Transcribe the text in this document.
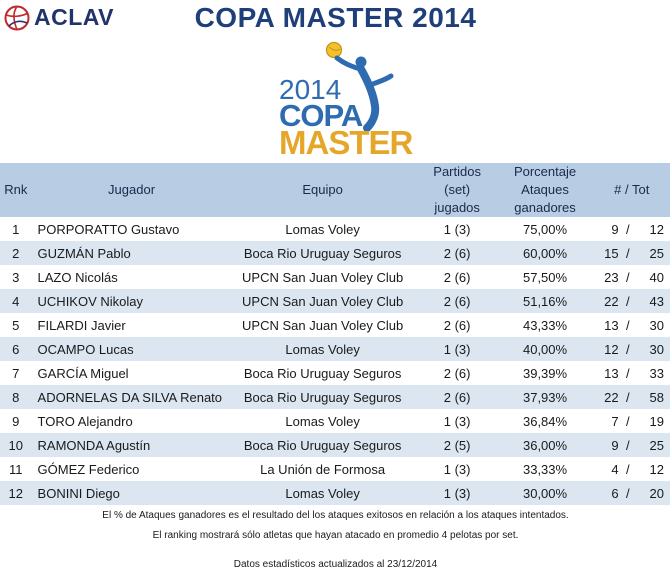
ACLAV	COPA MASTER 2014
2014
COPA
MASTER
Rnk	Jugador	Equipo	Partidos
(set) jugados	Porcentaje Ataques
ganadores	# / Tot		
1	PORPORATTO Gustavo	Lomas Voley	1 (3)	75,00%	9	/	12
2	GUZMÁN Pablo	Boca Rio Uruguay Seguros	2 (6)	60,00%	15	/	25
3	LAZO Nicolás	UPCN San Juan Voley Club	2 (6)	57,50%	23	/	40
4	UCHIKOV Nikolay	UPCN San Juan Voley Club	2 (6)	51,16%	22	/	43
5	FILARDI Javier	UPCN San Juan Voley Club	2 (6)	43,33%	13	/	30
6	OCAMPO Lucas	Lomas Voley	1 (3)	40,00%	12	/	30
7	GARCÍA Miguel	Boca Rio Uruguay Seguros	2 (6)	39,39%	13	/	33
8	ADORNELAS DA SILVA Renato	Boca Rio Uruguay Seguros	2 (6)	37,93%	22	/	58
9	TORO Alejandro	Lomas Voley	1 (3)	36,84%	7	/	19
10	RAMONDA Agustín	Boca Rio Uruguay Seguros	2 (5)	36,00%	9	/	25
11	GÓMEZ Federico	La Unión de Formosa	1 (3)	33,33%	4	/	12
12	BONINI Diego	Lomas Voley	1 (3)	30,00%	6	/	20
El % de Ataques ganadores es el resultado del los ataques exitosos en relación a los ataques intentados.
El ranking mostrará sólo atletas que hayan atacado en promedio 4 pelotas por set.
Datos estadísticos actualizados al 23/12/2014
